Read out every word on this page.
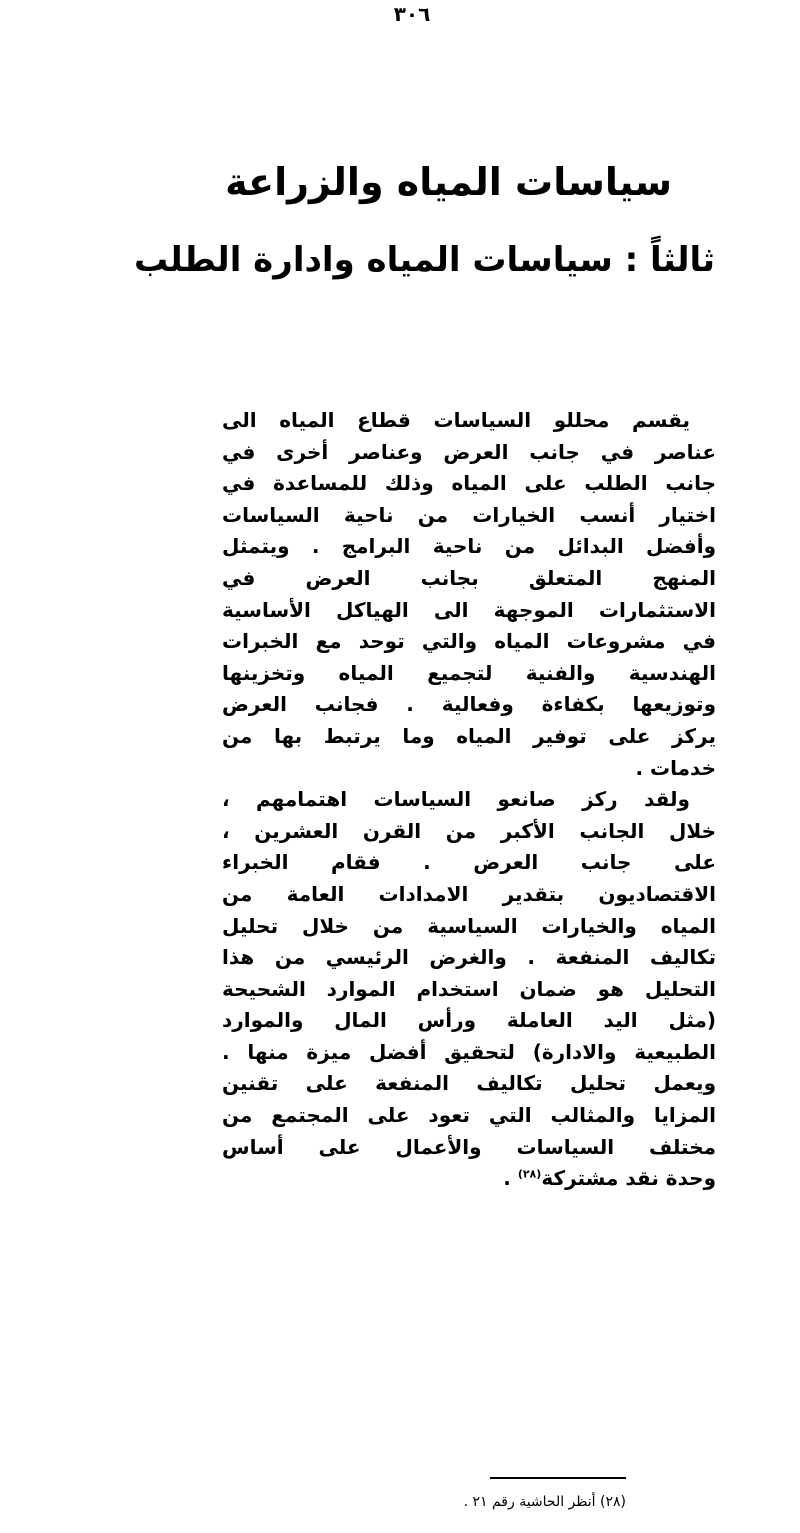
٣٠٦
سياسات المياه والزراعة
ثالثاً : سياسات المياه وادارة الطلب
يقسم محللو السياسات قطاع المياه الى
عناصر في جانب العرض وعناصر أخرى في
جانب الطلب على المياه وذلك للمساعدة في
اختيار أنسب الخيارات من ناحية السياسات
وأفضل البدائل من ناحية البرامج . ويتمثل
المنهج المتعلق بجانب العرض في
الاستثمارات الموجهة الى الهياكل الأساسية
في مشروعات المياه والتي توحد مع الخبرات
الهندسية والفنية لتجميع المياه وتخزينها
وتوزيعها بكفاءة وفعالية . فجانب العرض
يركز على توفير المياه وما يرتبط بها من
خدمات .
ولقد ركز صانعو السياسات اهتمامهم ،
خلال الجانب الأكبر من القرن العشرين ،
على جانب العرض . فقام الخبراء
الاقتصاديون بتقدير الامدادات العامة من
المياه والخيارات السياسية من خلال تحليل
تكاليف المنفعة . والغرض الرئيسي من هذا
التحليل هو ضمان استخدام الموارد الشحيحة
(مثل اليد العاملة ورأس المال والموارد
الطبيعية والادارة) لتحقيق أفضل ميزة منها .
ويعمل تحليل تكاليف المنفعة على تقنين
المزايا والمثالب التي تعود على المجتمع من
مختلف السياسات والأعمال على أساس
وحدة نقد مشتركة$^{(٢٨)}$ .
(٢٨) أنظر الحاشية رقم ٢١ .
